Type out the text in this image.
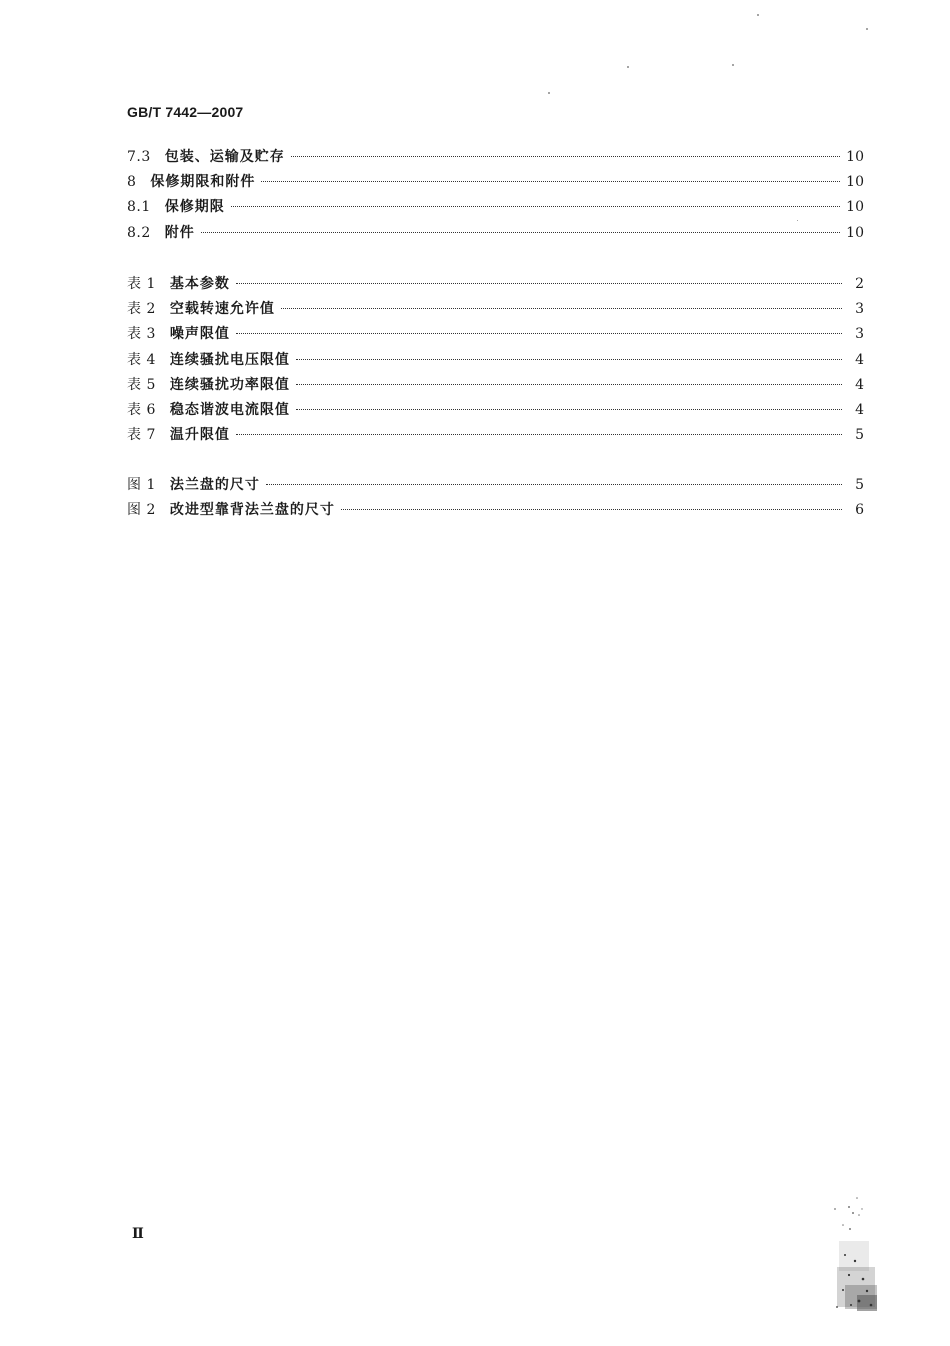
GB/T 7442—2007
7.3 包装、运输及贮存	10
8 保修期限和附件	10
8.1 保修期限	10
8.2 附件	10
表 1 基本参数	2
表 2 空载转速允许值	3
表 3 噪声限值	3
表 4 连续骚扰电压限值	4
表 5 连续骚扰功率限值	4
表 6 稳态谐波电流限值	4
表 7 温升限值	5
图 1 法兰盘的尺寸	5
图 2 改进型靠背法兰盘的尺寸	6
Ⅱ
